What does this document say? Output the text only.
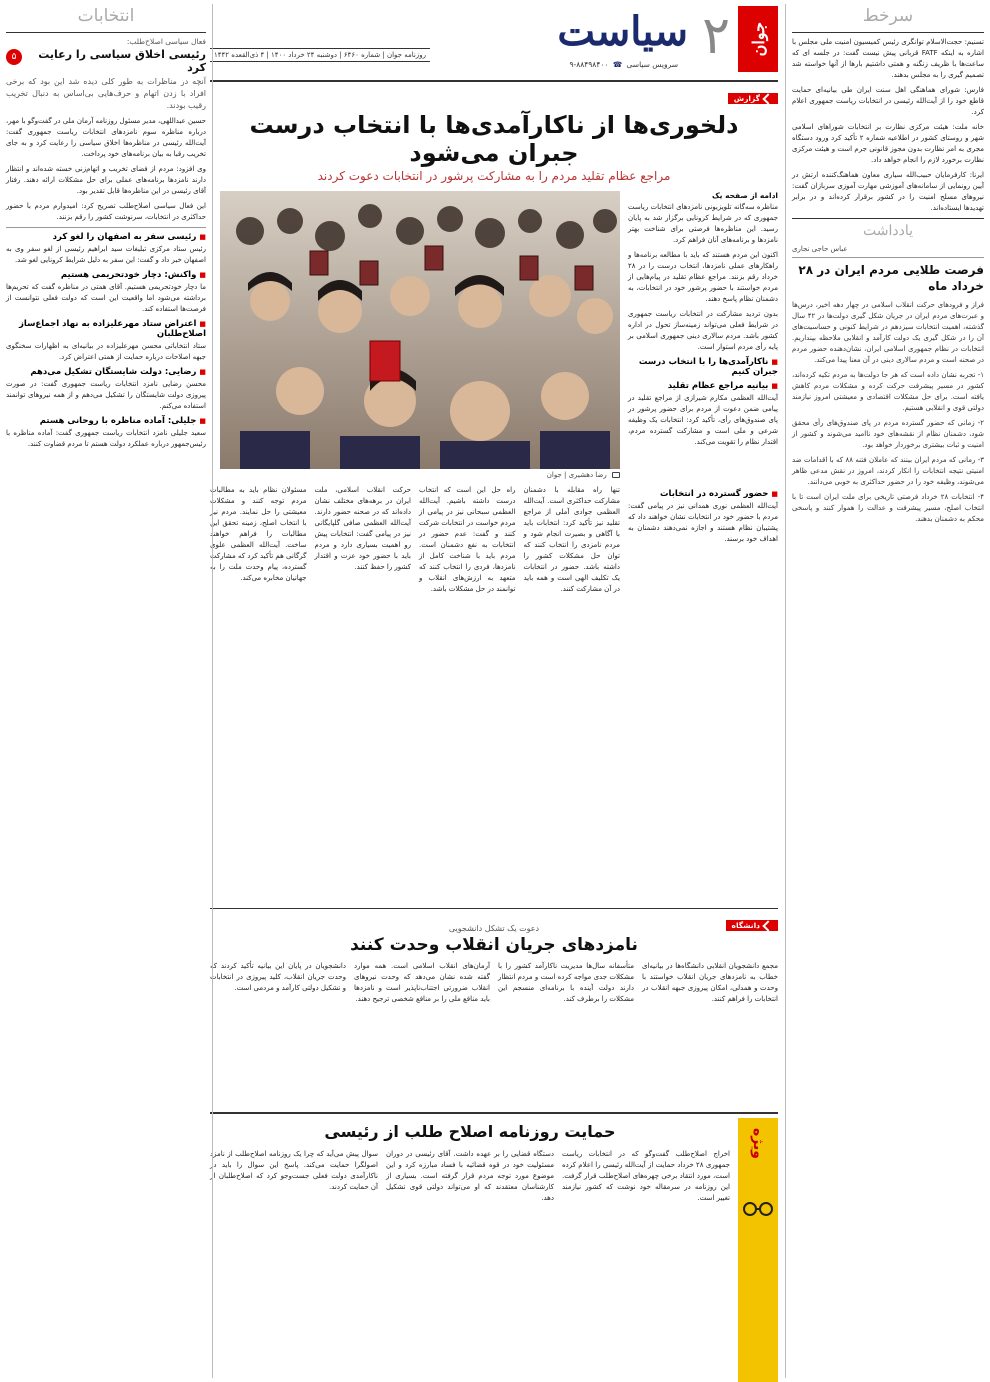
سرخط
تسنیم: حجت‌الاسلام توانگری رئیس کمیسیون امنیت ملی مجلس با اشاره به اینکه FATF قربانی پیش نیست گفت: در جلسه ای که ساعت‌ها با ظریف زنگنه و همتی داشتیم بارها از آنها خواسته شد تصمیم گیری را به مجلس بدهند.
فارس: شورای هماهنگی اهل سنت ایران طی بیانیه‌ای حمایت قاطع خود را از آیت‌الله رئیسی در انتخابات ریاست جمهوری اعلام کرد.
خانه ملت: هیئت مرکزی نظارت بر انتخابات شوراهای اسلامی شهر و روستای کشور در اطلاعیه شماره ۲ تأکید کرد ورود دستگاه‌ مجری به امر نظارت بدون مجوز قانونی جرم است و هیئت مرکزی نظارت برخورد لازم را انجام خواهد داد.
ایرنا: کارفرمایان حبیب‌الله سیاری معاون هماهنگ‌کننده ارتش در آیین رونمایی از سامانه‌های آموزشی مهارت آموزی سربازان گفت: نیروهای مسلح امنیت را در کشور برقرار کرده‌اند و در برابر تهدیدها ایستاده‌اند.
یادداشت
عباس حاجی نجاری
فرصت طلایی مردم ایران در ۲۸ خرداد ماه
فراز و فرودهای حرکت انقلاب اسلامی در چهار دهه اخیر، درس‌ها و عبرت‌های مردم ایران در جریان شکل گیری دولت‌ها در ۴۲ سال گذشته، اهمیت انتخابات سیزدهم در شرایط کنونی و حساسیت‌های آن را در شکل گیری یک دولت کارآمد و انقلابی ملاحظه بپنداریم. انتخابات در نظام جمهوری اسلامی ایران، نشان‌دهنده حضور مردم در صحنه است و مردم سالاری دینی در آن معنا پیدا می‌کند.
۱- تجربه نشان داده است که هر جا دولت‌ها به مردم تکیه کرده‌اند، کشور در مسیر پیشرفت حرکت کرده و مشکلات مردم کاهش یافته است. برای حل مشکلات اقتصادی و معیشتی امروز نیازمند دولتی قوی و انقلابی هستیم.
۲- زمانی که حضور گسترده مردم در پای صندوق‌های رأی محقق شود، دشمنان نظام از نقشه‌های خود ناامید می‌شوند و کشور از امنیت و ثبات بیشتری برخوردار خواهد بود.
۳- رمانی که مردم ایران بینند که عاملان فتنه ۸۸ که با اقدامات ضد امنیتی نتیجه انتخابات را انکار کردند، امروز در نقش مدعی ظاهر می‌شوند، وظیفه خود را در حضور حداکثری به خوبی می‌دانند.
۴- انتخابات ۲۸ خرداد فرصتی تاریخی برای ملت ایران است تا با انتخاب اصلح، مسیر پیشرفت و عدالت را هموار کنند و پاسخی محکم به دشمنان بدهند.
جوان
۲
سیاست
سرویس سیاسی ☎ ۸۸۴۹۸۴۰۰-۹
روزنامه جوان | شماره ۶۴۶۰ | دوشنبه ۲۴ خرداد ۱۴۰۰ | ۴ ذی‌القعده ۱۴۴۲
گزارش
دلخوری‌ها از ناکارآمدی‌ها با انتخاب درست جبران می‌شود
مراجع عظام تقلید مردم را به مشارکت پرشور در انتخابات دعوت کردند
ادامه از صفحه یک
مناظره سه‌گانه تلویزیونی نامزدهای انتخابات ریاست جمهوری که در شرایط کرونایی برگزار شد به پایان رسید. این مناظره‌ها فرصتی برای شناخت بهتر نامزدها و برنامه‌های آنان فراهم کرد.
اکنون این مردم هستند که باید با مطالعه برنامه‌ها و راهکارهای عملی نامزدها، انتخاب درست را در ۲۸ خرداد رقم بزنند. مراجع عظام تقلید در پیام‌هایی از مردم خواستند با حضور پرشور خود در انتخابات، به دشمنان نظام پاسخ دهند.
بدون تردید مشارکت در انتخابات ریاست جمهوری در شرایط فعلی می‌تواند زمینه‌ساز تحول در اداره کشور باشد. مردم سالاری دینی جمهوری اسلامی بر پایه رأی مردم استوار است.
■ ناکارآمدی‌ها را با انتخاب درست جبران کنیم
■ بیانیه مراجع عظام تقلید
آیت‌الله العظمی مکارم شیرازی از مراجع تقلید در پیامی ضمن دعوت از مردم برای حضور پرشور در پای صندوق‌های رأی، تأکید کرد: انتخابات یک وظیفه شرعی و ملی است و مشارکت گسترده مردم، اقتدار نظام را تقویت می‌کند.
رضا دهشیری | جوان
■ حضور گسترده در انتخابات
آیت‌الله العظمی نوری همدانی نیز در پیامی گفت: مردم با حضور خود در انتخابات نشان خواهند داد که پشتیبان نظام هستند و اجازه نمی‌دهند دشمنان به اهداف خود برسند.
تنها راه مقابله با دشمنان مشارکت حداکثری است. آیت‌الله العظمی جوادی آملی از مراجع تقلید نیز تأکید کرد: انتخابات باید با آگاهی و بصیرت انجام شود و مردم نامزدی را انتخاب کنند که توان حل مشکلات کشور را داشته باشد. حضور در انتخابات یک تکلیف الهی است و همه باید در آن مشارکت کنند.
راه حل این است که انتخاب درست داشته باشیم. آیت‌الله العظمی سبحانی نیز در پیامی از مردم خواست در انتخابات شرکت کنند و گفت: عدم حضور در انتخابات به نفع دشمنان است. مردم باید با شناخت کامل از نامزدها، فردی را انتخاب کنند که متعهد به ارزش‌های انقلاب و توانمند در حل مشکلات باشد.
حرکت انقلاب اسلامی، ملت ایران در برهه‌های مختلف نشان داده‌اند که در صحنه حضور دارند. آیت‌الله العظمی صافی گلپایگانی نیز در پیامی گفت: انتخابات پیش رو اهمیت بسیاری دارد و مردم باید با حضور خود عزت و اقتدار کشور را حفظ کنند.
مسئولان نظام باید به مطالبات مردم توجه کنند و مشکلات معیشتی را حل نمایند. مردم نیز با انتخاب اصلح، زمینه تحقق این مطالبات را فراهم خواهند ساخت. آیت‌الله العظمی علوی گرگانی هم تأکید کرد که مشارکت گسترده، پیام وحدت ملت را به جهانیان مخابره می‌کند.
دانشگاه
دعوت یک تشکل دانشجویی
نامزدهای جریان انقلاب وحدت کنند
مجمع دانشجویان انقلابی دانشگاه‌ها در بیانیه‌ای خطاب به نامزدهای جریان انقلاب خواستند با وحدت و همدلی، امکان پیروزی جبهه انقلاب در انتخابات را فراهم کنند.
متأسفانه سال‌ها مدیریت ناکارآمد کشور را با مشکلات جدی مواجه کرده است و مردم انتظار دارند دولت آینده با برنامه‌ای منسجم این مشکلات را برطرف کند.
آرمان‌های انقلاب اسلامی است. همه موارد گفته شده نشان می‌دهد که وحدت نیروهای انقلاب ضرورتی اجتناب‌ناپذیر است و نامزدها باید منافع ملی را بر منافع شخصی ترجیح دهند.
دانشجویان در پایان این بیانیه تأکید کردند که وحدت جریان انقلاب، کلید پیروزی در انتخابات و تشکیل دولتی کارآمد و مردمی است.
ویژه
حمایت روزنامه اصلاح طلب از رئیسی
اخراج اصلاح‌طلب گفت‌وگو که در انتخابات ریاست جمهوری ۲۸ خرداد حمایت از آیت‌الله رئیسی را اعلام کرده است، مورد انتقاد برخی چهره‌های اصلاح‌طلب قرار گرفت. این روزنامه در سرمقاله خود نوشت که کشور نیازمند تغییر است.
دستگاه قضایی را بر عهده داشت. آقای رئیسی در دوران مسئولیت خود در قوه قضائیه با فساد مبارزه کرد و این موضوع مورد توجه مردم قرار گرفته است. بسیاری از کارشناسان معتقدند که او می‌تواند دولتی قوی تشکیل دهد.
سوال پیش می‌آید که چرا یک روزنامه اصلاح‌طلب از نامزد اصولگرا حمایت می‌کند. پاسخ این سوال را باید در ناکارآمدی دولت فعلی جست‌وجو کرد که اصلاح‌طلبان از آن حمایت کردند.
انتخابات
فعال سیاسی اصلاح‌طلب:
رئیسی اخلاق سیاسی را رعایت کرد
۵
آنچه در مناظرات به طور کلی دیده شد این بود که برخی افراد با زدن اتهام و حرف‌هایی بی‌اساس به دنبال تخریب رقیب بودند.
حسین عبداللهی، مدیر مسئول روزنامه آرمان ملی در گفت‌وگو با مهر، درباره مناظره سوم نامزدهای انتخابات ریاست جمهوری گفت: آیت‌الله رئیسی در مناظره‌ها اخلاق سیاسی را رعایت کرد و به جای تخریب رقبا به بیان برنامه‌های خود پرداخت.
وی افزود: مردم از فضای تخریب و اتهام‌زنی خسته شده‌اند و انتظار دارند نامزدها برنامه‌های عملی برای حل مشکلات ارائه دهند. رفتار آقای رئیسی در این مناظره‌ها قابل تقدیر بود.
این فعال سیاسی اصلاح‌طلب تصریح کرد: امیدوارم مردم با حضور حداکثری در انتخابات، سرنوشت کشور را رقم بزنند.
■ رئیسی سفر به اصفهان را لغو کرد
رئیس ستاد مرکزی تبلیغات سید ابراهیم رئیسی از لغو سفر وی به اصفهان خبر داد و گفت: این سفر به دلیل شرایط کرونایی لغو شد.
■ واکنش: دچار خودتحریمی هستیم
ما دچار خودتحریمی هستیم. آقای همتی در مناظره گفت که تحریم‌ها برداشته می‌شود اما واقعیت این است که دولت فعلی نتوانست از فرصت‌ها استفاده کند.
■ اعتراض ستاد مهرعلیزاده به نهاد اجماع‌ساز اصلاح‌طلبان
ستاد انتخاباتی محسن مهرعلیزاده در بیانیه‌ای به اظهارات سخنگوی جبهه اصلاحات درباره حمایت از همتی اعتراض کرد.
■ رضایی: دولت شایستگان تشکیل می‌دهم
محسن رضایی نامزد انتخابات ریاست جمهوری گفت: در صورت پیروزی دولت شایستگان را تشکیل می‌دهم و از همه نیروهای توانمند استفاده می‌کنم.
■ جلیلی: آماده مناظره با روحانی هستم
سعید جلیلی نامزد انتخابات ریاست جمهوری گفت: آماده مناظره با رئیس‌جمهور درباره عملکرد دولت هستم تا مردم قضاوت کنند.
